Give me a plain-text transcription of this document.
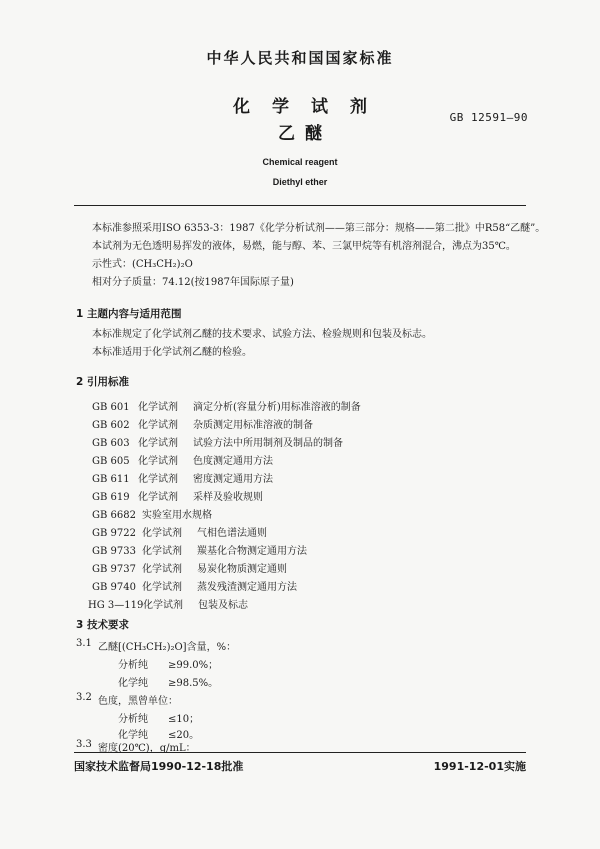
中华人民共和国国家标准
化学试剂
乙醚
GB 12591—90
Chemical reagent
Diethyl ether
本标准参照采用ISO 6353-3：1987《化学分析试剂——第三部分：规格——第二批》中R58“乙醚”。
本试剂为无色透明易挥发的液体，易燃，能与醇、苯、三氯甲烷等有机溶剂混合，沸点为35℃。
示性式：(CH₃CH₂)₂O
相对分子质量：74.12(按1987年国际原子量)
1 主题内容与适用范围
本标准规定了化学试剂乙醚的技术要求、试验方法、检验规则和包装及标志。
本标准适用于化学试剂乙醚的检验。
2 引用标准
GB 601 化学试剂 滴定分析(容量分析)用标准溶液的制备
GB 602 化学试剂 杂质测定用标准溶液的制备
GB 603 化学试剂 试验方法中所用制剂及制品的制备
GB 605 化学试剂 色度测定通用方法
GB 611 化学试剂 密度测定通用方法
GB 619 化学试剂 采样及验收规则
GB 6682 实验室用水规格
GB 9722 化学试剂 气相色谱法通则
GB 9733 化学试剂 羰基化合物测定通用方法
GB 9737 化学试剂 易炭化物质测定通则
GB 9740 化学试剂 蒸发残渣测定通用方法
HG 3—119化学试剂 包装及标志
3 技术要求
3.1 乙醚[(CH₃CH₂)₂O]含量，%：
分析纯 ≥99.0%；
化学纯 ≥98.5%。
3.2 色度，黑曾单位：
分析纯 ≤10；
化学纯 ≤20。
3.3 密度(20℃)，g/mL：
国家技术监督局1990-12-18批准	1991-12-01实施
